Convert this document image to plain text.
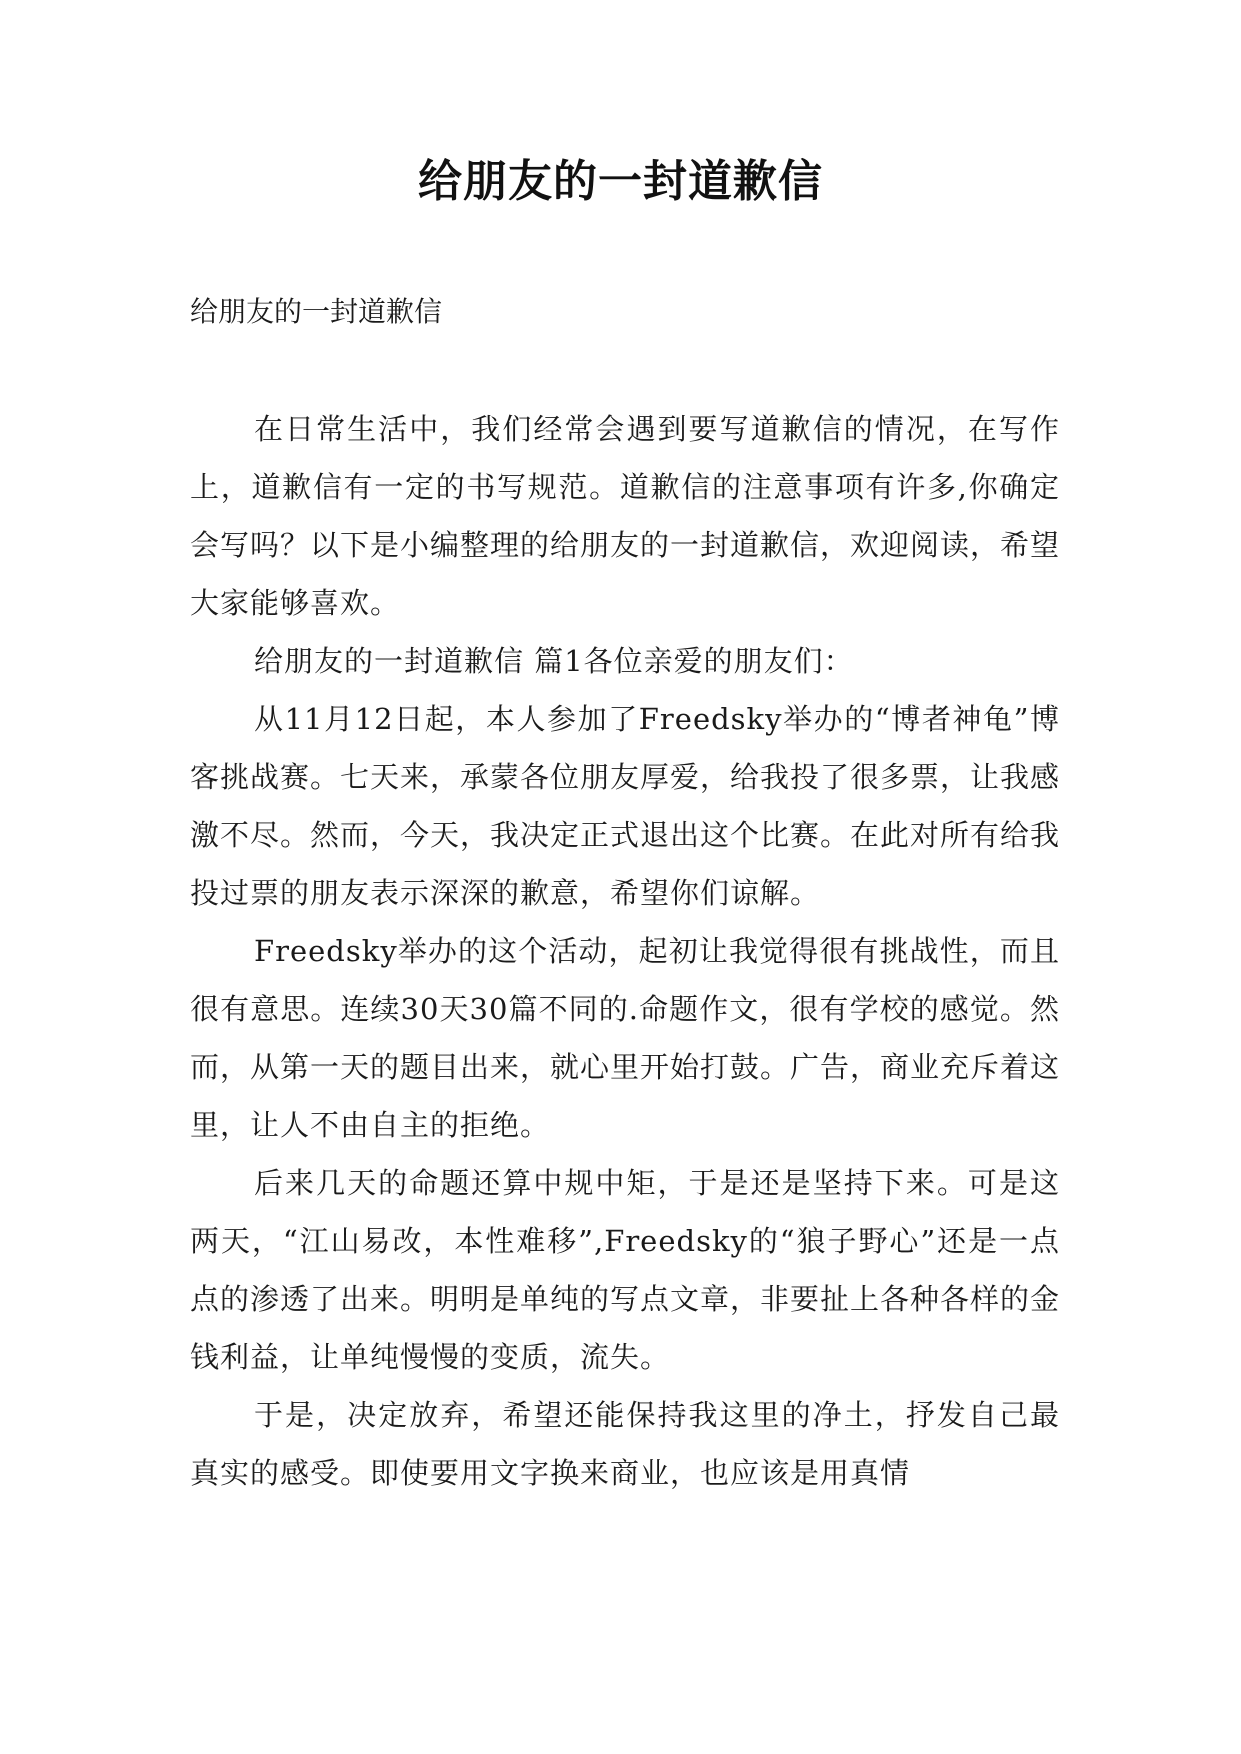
给朋友的一封道歉信
给朋友的一封道歉信

在日常生活中，我们经常会遇到要写道歉信的情况，在写作上，道歉信有一定的书写规范。道歉信的注意事项有许多,你确定会写吗？以下是小编整理的给朋友的一封道歉信，欢迎阅读，希望大家能够喜欢。

给朋友的一封道歉信 篇1各位亲爱的朋友们：

从11月12日起，本人参加了Freedsky举办的“博者神龟”博客挑战赛。七天来，承蒙各位朋友厚爱，给我投了很多票，让我感激不尽。然而，今天，我决定正式退出这个比赛。在此对所有给我投过票的朋友表示深深的歉意，希望你们谅解。

Freedsky举办的这个活动，起初让我觉得很有挑战性，而且很有意思。连续30天30篇不同的.命题作文，很有学校的感觉。然而，从第一天的题目出来，就心里开始打鼓。广告，商业充斥着这里，让人不由自主的拒绝。

后来几天的命题还算中规中矩，于是还是坚持下来。可是这两天，“江山易改，本性难移”,Freedsky的“狼子野心”还是一点点的渗透了出来。明明是单纯的写点文章，非要扯上各种各样的金钱利益，让单纯慢慢的变质，流失。

于是，决定放弃，希望还能保持我这里的净土，抒发自己最真实的感受。即使要用文字换来商业，也应该是用真情
